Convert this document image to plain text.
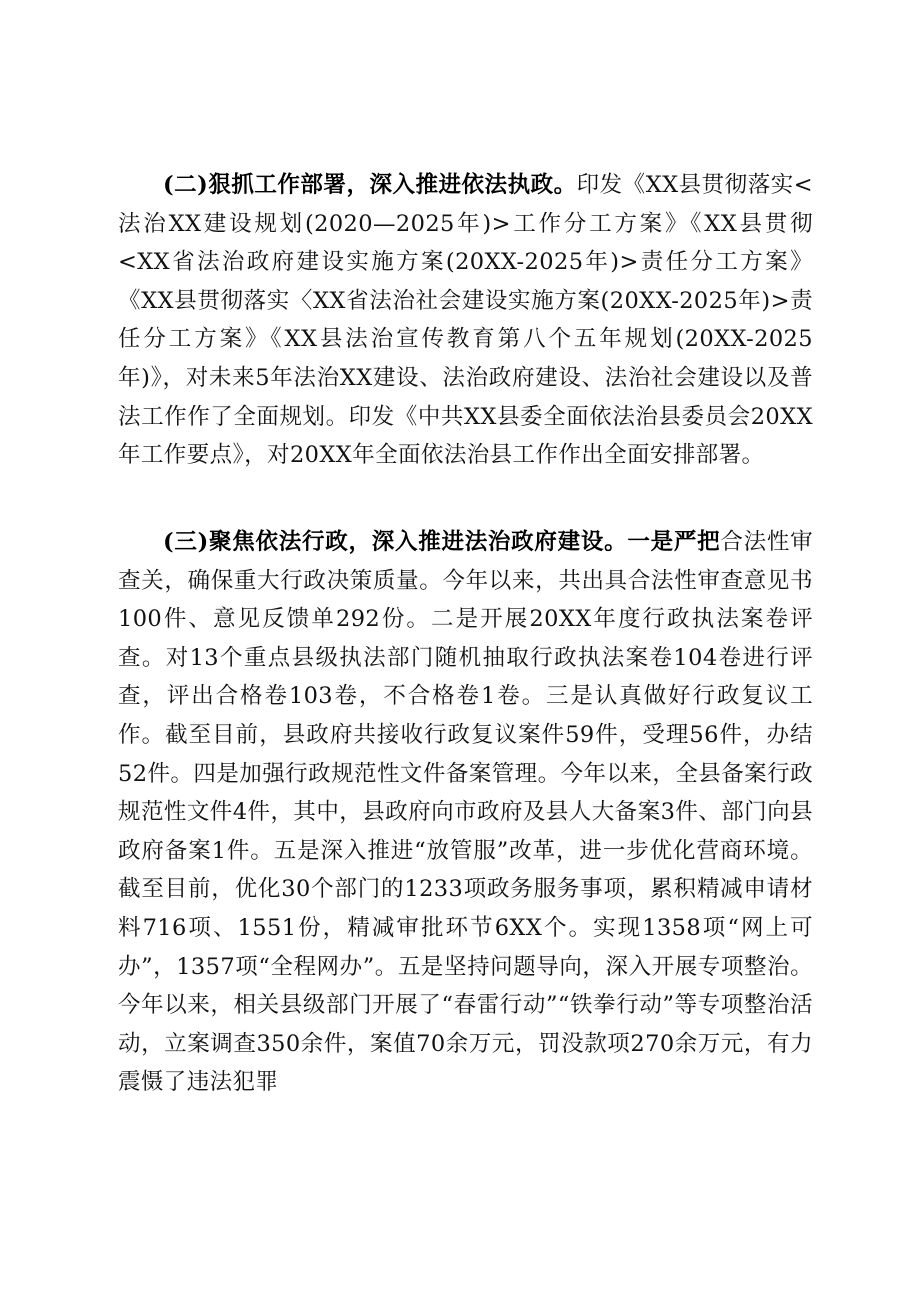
(二)狠抓工作部署，深入推进依法执政。印发《XX县贯彻落实<法治XX建设规划(2020—2025年)>工作分工方案》《XX县贯彻<XX省法治政府建设实施方案(20XX-2025年)>责任分工方案》《XX县贯彻落实〈XX省法治社会建设实施方案(20XX-2025年)>责任分工方案》《XX县法治宣传教育第八个五年规划(20XX-2025年)》，对未来5年法治XX建设、法治政府建设、法治社会建设以及普法工作作了全面规划。印发《中共XX县委全面依法治县委员会20XX年工作要点》，对20XX年全面依法治县工作作出全面安排部署。

(三)聚焦依法行政，深入推进法治政府建设。一是严把合法性审查关，确保重大行政决策质量。今年以来，共出具合法性审查意见书100件、意见反馈单292份。二是开展20XX年度行政执法案卷评查。对13个重点县级执法部门随机抽取行政执法案卷104卷进行评查，评出合格卷103卷，不合格卷1卷。三是认真做好行政复议工作。截至目前，县政府共接收行政复议案件59件，受理56件，办结52件。四是加强行政规范性文件备案管理。今年以来，全县备案行政规范性文件4件，其中，县政府向市政府及县人大备案3件、部门向县政府备案1件。五是深入推进“放管服”改革，进一步优化营商环境。截至目前，优化30个部门的1233项政务服务事项，累积精减申请材料716项、1551份，精减审批环节6XX个。实现1358项“网上可办”，1357项“全程网办”。五是坚持问题导向，深入开展专项整治。今年以来，相关县级部门开展了“春雷行动”“铁拳行动”等专项整治活动，立案调查350余件，案值70余万元，罚没款项270余万元，有力震慑了违法犯罪
